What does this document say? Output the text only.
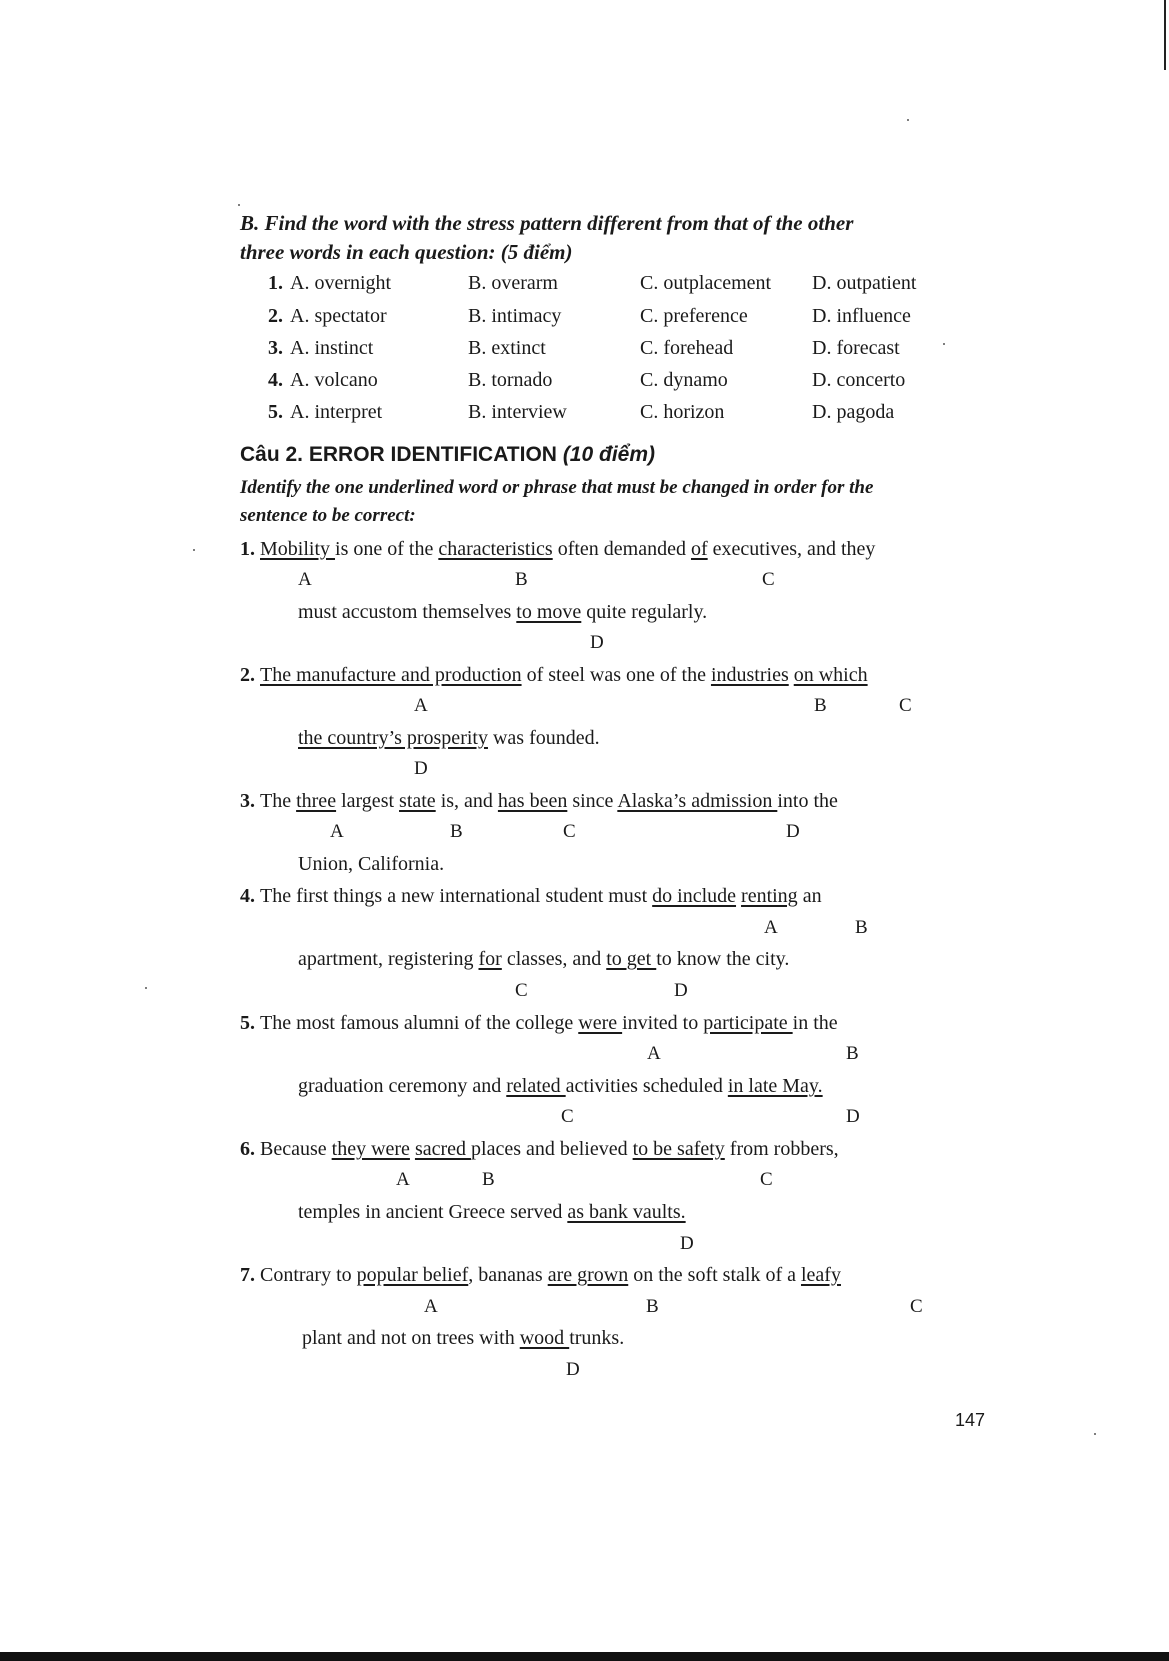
B. Find the word with the stress pattern different from that of the other
three words in each question: (5 điểm)
1. A. overnight	B. overarm	C. outplacement D. outpatient
2. A. spectator	B. intimacy	C. preference	D. influence
3. A. instinct	B. extinct	C. forehead	D. forecast
4. A. volcano	B. tornado	C. dynamo	D. concerto
5. A. interpret	B. interview	C. horizon	D. pagoda
Câu 2. ERROR IDENTIFICATION (10 điểm)
Identify the one underlined word or phrase that must be changed in order for the
sentence to be correct:
1. Mobility is one of the characteristics often demanded of executives, and they
A	B	C
must accustom themselves to move quite regularly.
D
2. The manufacture and production of steel was one of the industries on which
A	B	C
the country’s prosperity was founded.
D
3. The three largest state is, and has been since Alaska’s admission into the
A	B	C	D
Union, California.
4. The first things a new international student must do include renting an
A	B
apartment, registering for classes, and to get to know the city.
C	D
5. The most famous alumni of the college were invited to participate in the
A	B
graduation ceremony and related activities scheduled in late May.
C	D
6. Because they were sacred places and believed to be safety from robbers,
A	B	C
temples in ancient Greece served as bank vaults.
D
7. Contrary to popular belief, bananas are grown on the soft stalk of a leafy
A	B	C
plant and not on trees with wood trunks.
D
147
